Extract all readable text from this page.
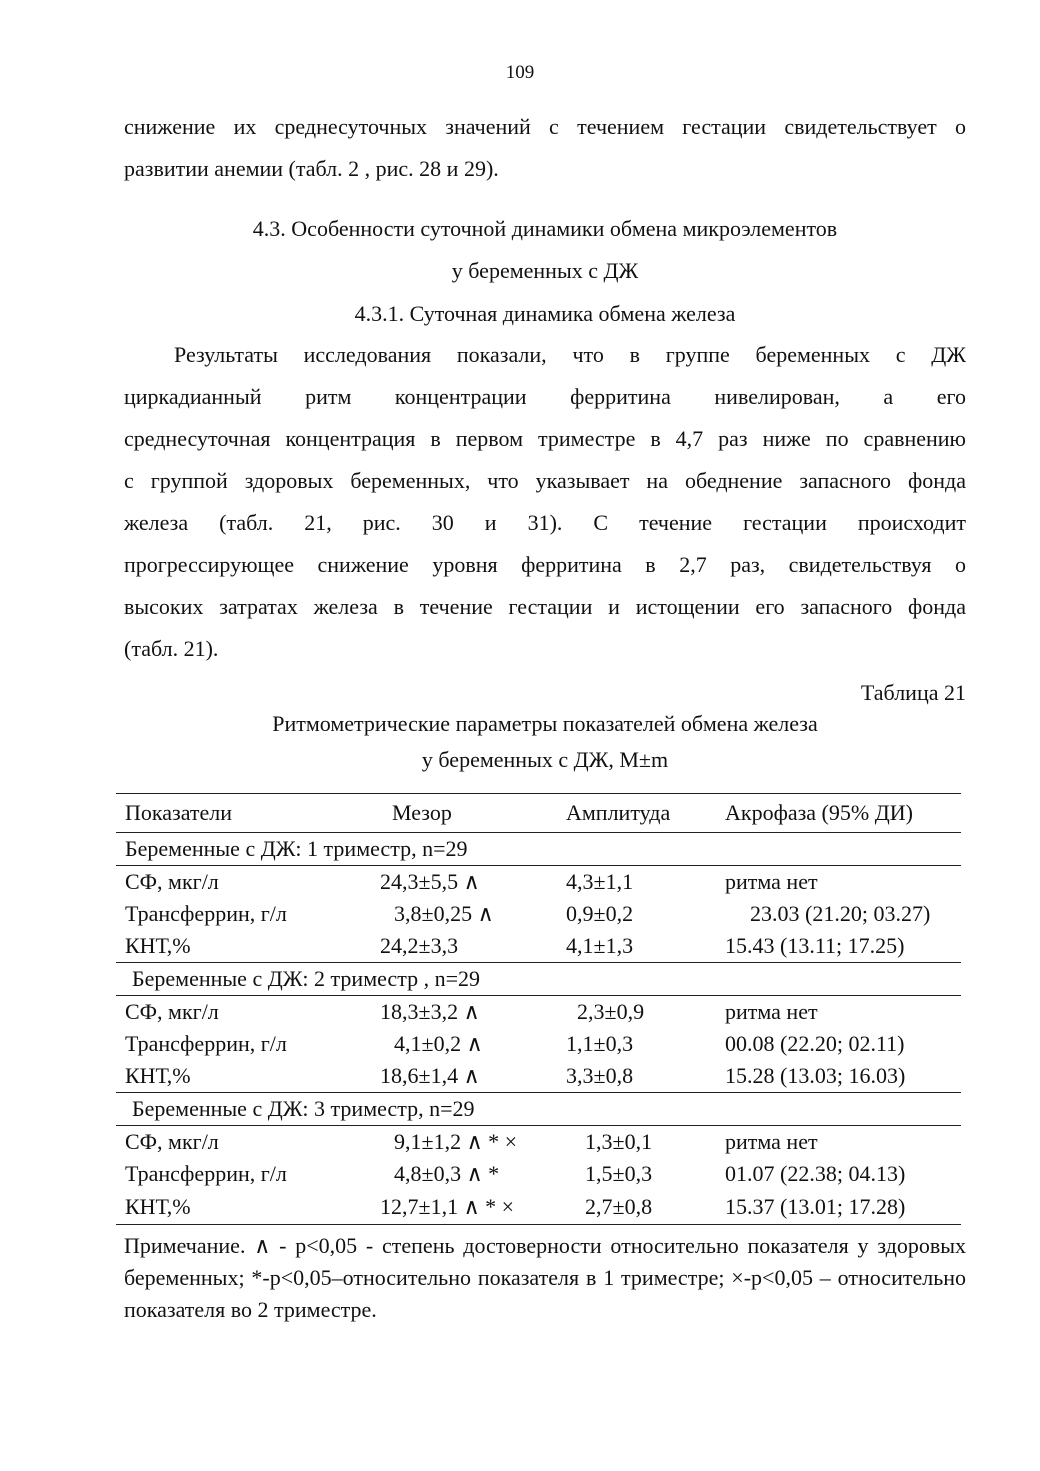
109
снижение их среднесуточных значений с течением гестации свидетельствует о
развитии анемии (табл. 2 , рис. 28 и 29).
4.3. Особенности суточной динамики обмена микроэлементов
у беременных с ДЖ
4.3.1. Суточная динамика обмена железа
Результаты исследования показали, что в группе беременных с ДЖ
циркадианный ритм концентрации ферритина нивелирован, а его
среднесуточная концентрация в первом триместре в 4,7 раз ниже по сравнению
с группой здоровых беременных, что указывает на обеднение запасного фонда
железа (табл. 21, рис. 30 и 31). С течение гестации происходит
прогрессирующее снижение уровня ферритина в 2,7 раз, свидетельствуя о
высоких затратах железа в течение гестации и истощении его запасного фонда
(табл. 21).
Таблица 21
Ритмометрические параметры показателей обмена железа
у беременных с ДЖ, M±m
Показатели	Мезор	Амплитуда	Акрофаза (95% ДИ)
Беременные с ДЖ: 1 триместр, n=29			
СФ, мкг/л	24,3±5,5 ∧	4,3±1,1	ритма нет
Трансферрин, г/л	3,8±0,25 ∧	0,9±0,2	23.03 (21.20; 03.27)
КНТ,%	24,2±3,3	4,1±1,3	15.43 (13.11; 17.25)
Беременные с ДЖ: 2 триместр , n=29			
СФ, мкг/л	18,3±3,2 ∧	2,3±0,9	ритма нет
Трансферрин, г/л	4,1±0,2 ∧	1,1±0,3	00.08 (22.20; 02.11)
КНТ,%	18,6±1,4 ∧	3,3±0,8	15.28 (13.03; 16.03)
Беременные с ДЖ: 3 триместр, n=29			
СФ, мкг/л	9,1±1,2 ∧ * ×	1,3±0,1	ритма нет
Трансферрин, г/л	4,8±0,3 ∧ *	1,5±0,3	01.07 (22.38; 04.13)
КНТ,%	12,7±1,1 ∧ * ×	2,7±0,8	15.37 (13.01; 17.28)
Примечание. ∧ - p<0,05 - степень достоверности относительно показателя у здоровых беременных; *-p<0,05–относительно показателя в 1 триместре; ×-p<0,05 – относительно показателя во 2 триместре.
